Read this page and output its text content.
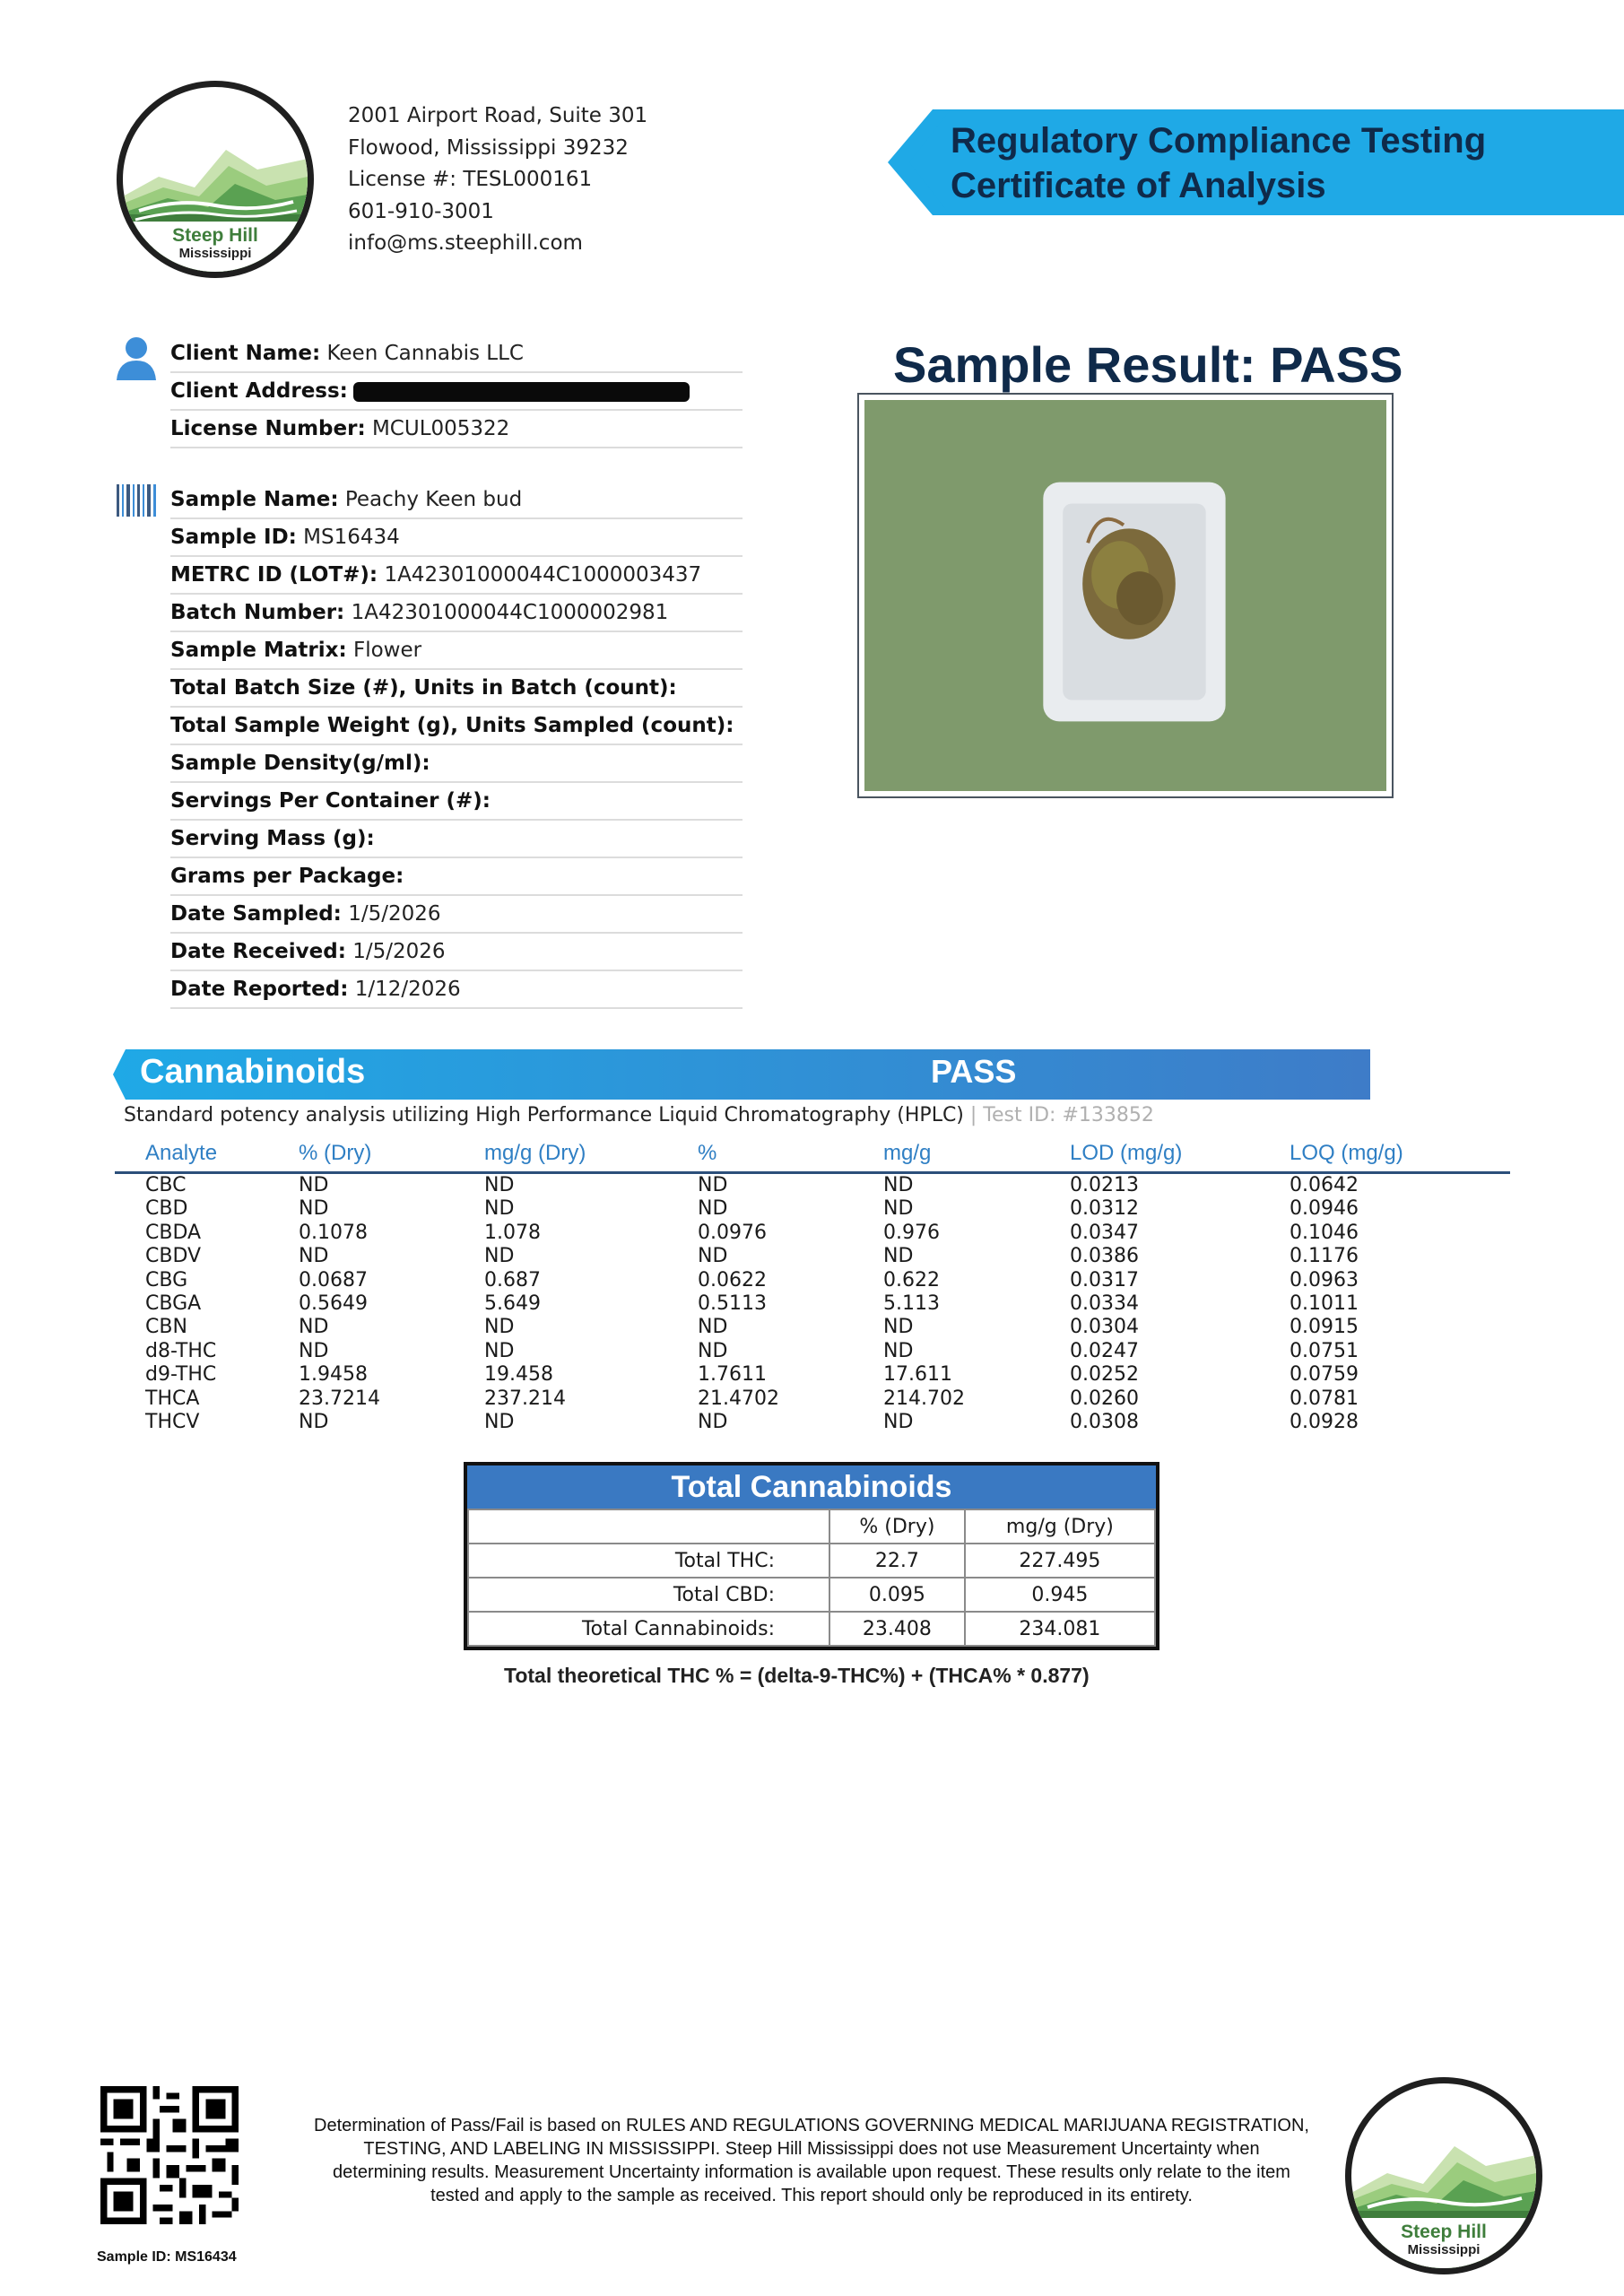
Steep Hill
Mississippi
2001 Airport Road, Suite 301
Flowood, Mississippi 39232
License #: TESL000161
601-910-3001
info@ms.steephill.com
Regulatory Compliance Testing
Certificate of Analysis
Client Name: Keen Cannabis LLC
Client Address:
License Number: MCUL005322
Sample Name: Peachy Keen bud
Sample ID: MS16434
METRC ID (LOT#): 1A42301000044C1000003437
Batch Number: 1A42301000044C1000002981
Sample Matrix: Flower
Total Batch Size (#), Units in Batch (count):
Total Sample Weight (g), Units Sampled (count):
Sample Density(g/ml):
Servings Per Container (#):
Serving Mass (g):
Grams per Package:
Date Sampled: 1/5/2026
Date Received: 1/5/2026
Date Reported: 1/12/2026
Sample Result: PASS
Cannabinoids	PASS
Standard potency analysis utilizing High Performance Liquid Chromatography (HPLC) | Test ID: #133852
Analyte	% (Dry)	mg/g (Dry)	%	mg/g	LOD (mg/g)	LOQ (mg/g)
CBC	ND	ND	ND	ND	0.0213	0.0642
CBD	ND	ND	ND	ND	0.0312	0.0946
CBDA	0.1078	1.078	0.0976	0.976	0.0347	0.1046
CBDV	ND	ND	ND	ND	0.0386	0.1176
CBG	0.0687	0.687	0.0622	0.622	0.0317	0.0963
CBGA	0.5649	5.649	0.5113	5.113	0.0334	0.1011
CBN	ND	ND	ND	ND	0.0304	0.0915
d8-THC	ND	ND	ND	ND	0.0247	0.0751
d9-THC	1.9458	19.458	1.7611	17.611	0.0252	0.0759
THCA	23.7214	237.214	21.4702	214.702	0.0260	0.0781
THCV	ND	ND	ND	ND	0.0308	0.0928
Total Cannabinoids
	% (Dry)	mg/g (Dry)
Total THC:	22.7	227.495
Total CBD:	0.095	0.945
Total Cannabinoids:	23.408	234.081
Total theoretical THC % = (delta-9-THC%) + (THCA% * 0.877)
Sample ID: MS16434
Determination of Pass/Fail is based on RULES AND REGULATIONS GOVERNING MEDICAL MARIJUANA REGISTRATION,
TESTING, AND LABELING IN MISSISSIPPI. Steep Hill Mississippi does not use Measurement Uncertainty when
determining results. Measurement Uncertainty information is available upon request. These results only relate to the item
tested and apply to the sample as received. This report should only be reproduced in its entirety.
Steep Hill
Mississippi
